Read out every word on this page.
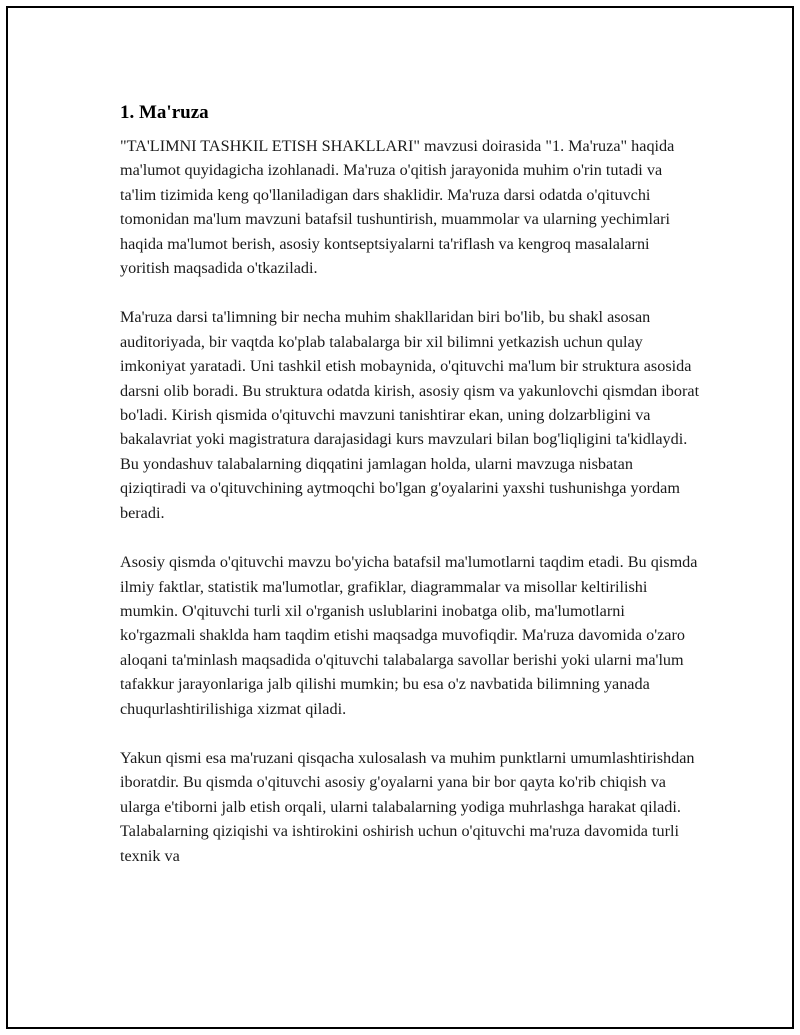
1. Ma'ruza

"TA'LIMNI TASHKIL ETISH SHAKLLARI" mavzusi doirasida "1. Ma'ruza" haqida ma'lumot quyidagicha izohlanadi. Ma'ruza o'qitish jarayonida muhim o'rin tutadi va ta'lim tizimida keng qo'llaniladigan dars shaklidir. Ma'ruza darsi odatda o'qituvchi tomonidan ma'lum mavzuni batafsil tushuntirish, muammolar va ularning yechimlari haqida ma'lumot berish, asosiy kontseptsiyalarni ta'riflash va kengroq masalalarni yoritish maqsadida o'tkaziladi.

Ma'ruza darsi ta'limning bir necha muhim shakllaridan biri bo'lib, bu shakl asosan auditoriyada, bir vaqtda ko'plab talabalarga bir xil bilimni yetkazish uchun qulay imkoniyat yaratadi. Uni tashkil etish mobaynida, o'qituvchi ma'lum bir struktura asosida darsni olib boradi. Bu struktura odatda kirish, asosiy qism va yakunlovchi qismdan iborat bo'ladi. Kirish qismida o'qituvchi mavzuni tanishtirar ekan, uning dolzarbligini va bakalavriat yoki magistratura darajasidagi kurs mavzulari bilan bog'liqligini ta'kidlaydi. Bu yondashuv talabalarning diqqatini jamlagan holda, ularni mavzuga nisbatan qiziqtiradi va o'qituvchining aytmoqchi bo'lgan g'oyalarini yaxshi tushunishga yordam beradi.

Asosiy qismda o'qituvchi mavzu bo'yicha batafsil ma'lumotlarni taqdim etadi. Bu qismda ilmiy faktlar, statistik ma'lumotlar, grafiklar, diagrammalar va misollar keltirilishi mumkin. O'qituvchi turli xil o'rganish uslublarini inobatga olib, ma'lumotlarni ko'rgazmali shaklda ham taqdim etishi maqsadga muvofiqdir. Ma'ruza davomida o'zaro aloqani ta'minlash maqsadida o'qituvchi talabalarga savollar berishi yoki ularni ma'lum tafakkur jarayonlariga jalb qilishi mumkin; bu esa o'z navbatida bilimning yanada chuqurlashtirilishiga xizmat qiladi.

Yakun qismi esa ma'ruzani qisqacha xulosalash va muhim punktlarni umumlashtirishdan iboratdir. Bu qismda o'qituvchi asosiy g'oyalarni yana bir bor qayta ko'rib chiqish va ularga e'tiborni jalb etish orqali, ularni talabalarning yodiga muhrlashga harakat qiladi. Talabalarning qiziqishi va ishtirokini oshirish uchun o'qituvchi ma'ruza davomida turli texnik va
